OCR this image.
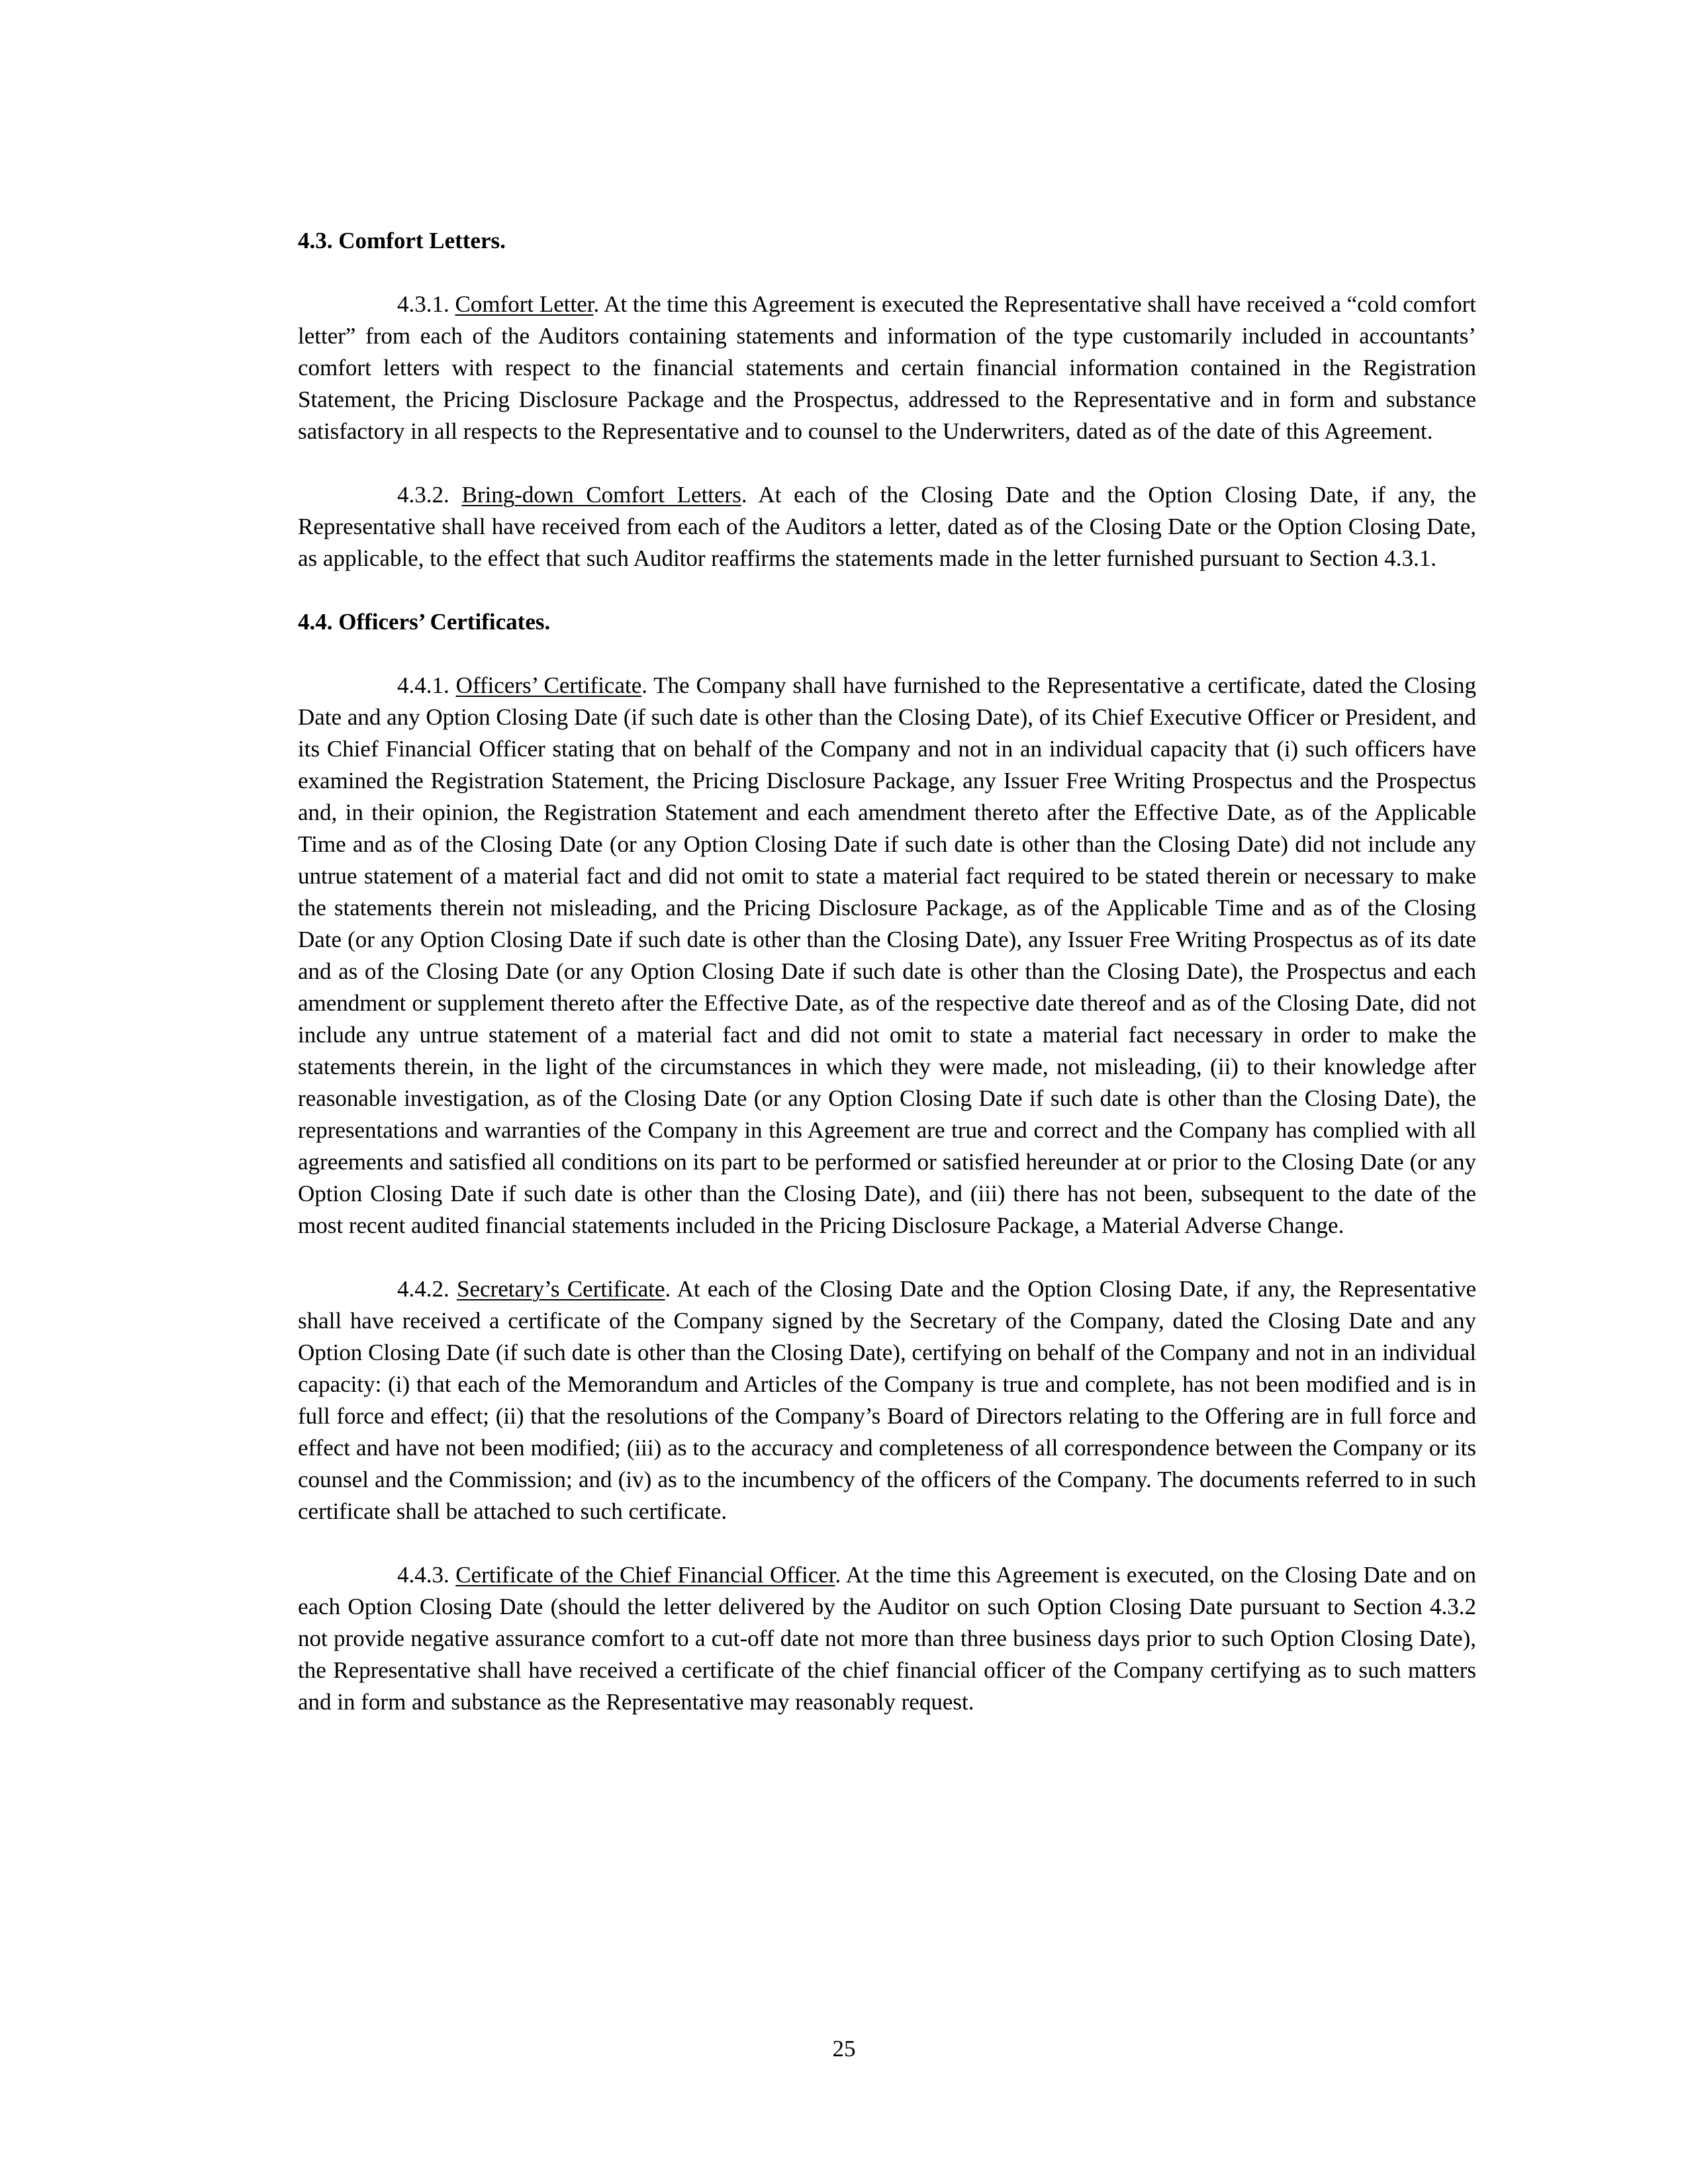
4.3. Comfort Letters.

4.3.1. Comfort Letter. At the time this Agreement is executed the Representative shall have received a “cold comfort letter” from each of the Auditors containing statements and information of the type customarily included in accountants’ comfort letters with respect to the financial statements and certain financial information contained in the Registration Statement, the Pricing Disclosure Package and the Prospectus, addressed to the Representative and in form and substance satisfactory in all respects to the Representative and to counsel to the Underwriters, dated as of the date of this Agreement.

4.3.2. Bring-down Comfort Letters. At each of the Closing Date and the Option Closing Date, if any, the Representative shall have received from each of the Auditors a letter, dated as of the Closing Date or the Option Closing Date, as applicable, to the effect that such Auditor reaffirms the statements made in the letter furnished pursuant to Section 4.3.1.

4.4. Officers’ Certificates.

4.4.1. Officers’ Certificate. The Company shall have furnished to the Representative a certificate, dated the Closing Date and any Option Closing Date (if such date is other than the Closing Date), of its Chief Executive Officer or President, and its Chief Financial Officer stating that on behalf of the Company and not in an individual capacity that (i) such officers have examined the Registration Statement, the Pricing Disclosure Package, any Issuer Free Writing Prospectus and the Prospectus and, in their opinion, the Registration Statement and each amendment thereto after the Effective Date, as of the Applicable Time and as of the Closing Date (or any Option Closing Date if such date is other than the Closing Date) did not include any untrue statement of a material fact and did not omit to state a material fact required to be stated therein or necessary to make the statements therein not misleading, and the Pricing Disclosure Package, as of the Applicable Time and as of the Closing Date (or any Option Closing Date if such date is other than the Closing Date), any Issuer Free Writing Prospectus as of its date and as of the Closing Date (or any Option Closing Date if such date is other than the Closing Date), the Prospectus and each amendment or supplement thereto after the Effective Date, as of the respective date thereof and as of the Closing Date, did not include any untrue statement of a material fact and did not omit to state a material fact necessary in order to make the statements therein, in the light of the circumstances in which they were made, not misleading, (ii) to their knowledge after reasonable investigation, as of the Closing Date (or any Option Closing Date if such date is other than the Closing Date), the representations and warranties of the Company in this Agreement are true and correct and the Company has complied with all agreements and satisfied all conditions on its part to be performed or satisfied hereunder at or prior to the Closing Date (or any Option Closing Date if such date is other than the Closing Date), and (iii) there has not been, subsequent to the date of the most recent audited financial statements included in the Pricing Disclosure Package, a Material Adverse Change.

4.4.2. Secretary’s Certificate. At each of the Closing Date and the Option Closing Date, if any, the Representative shall have received a certificate of the Company signed by the Secretary of the Company, dated the Closing Date and any Option Closing Date (if such date is other than the Closing Date), certifying on behalf of the Company and not in an individual capacity: (i) that each of the Memorandum and Articles of the Company is true and complete, has not been modified and is in full force and effect; (ii) that the resolutions of the Company’s Board of Directors relating to the Offering are in full force and effect and have not been modified; (iii) as to the accuracy and completeness of all correspondence between the Company or its counsel and the Commission; and (iv) as to the incumbency of the officers of the Company. The documents referred to in such certificate shall be attached to such certificate.

4.4.3. Certificate of the Chief Financial Officer. At the time this Agreement is executed, on the Closing Date and on each Option Closing Date (should the letter delivered by the Auditor on such Option Closing Date pursuant to Section 4.3.2 not provide negative assurance comfort to a cut-off date not more than three business days prior to such Option Closing Date), the Representative shall have received a certificate of the chief financial officer of the Company certifying as to such matters and in form and substance as the Representative may reasonably request.

25
